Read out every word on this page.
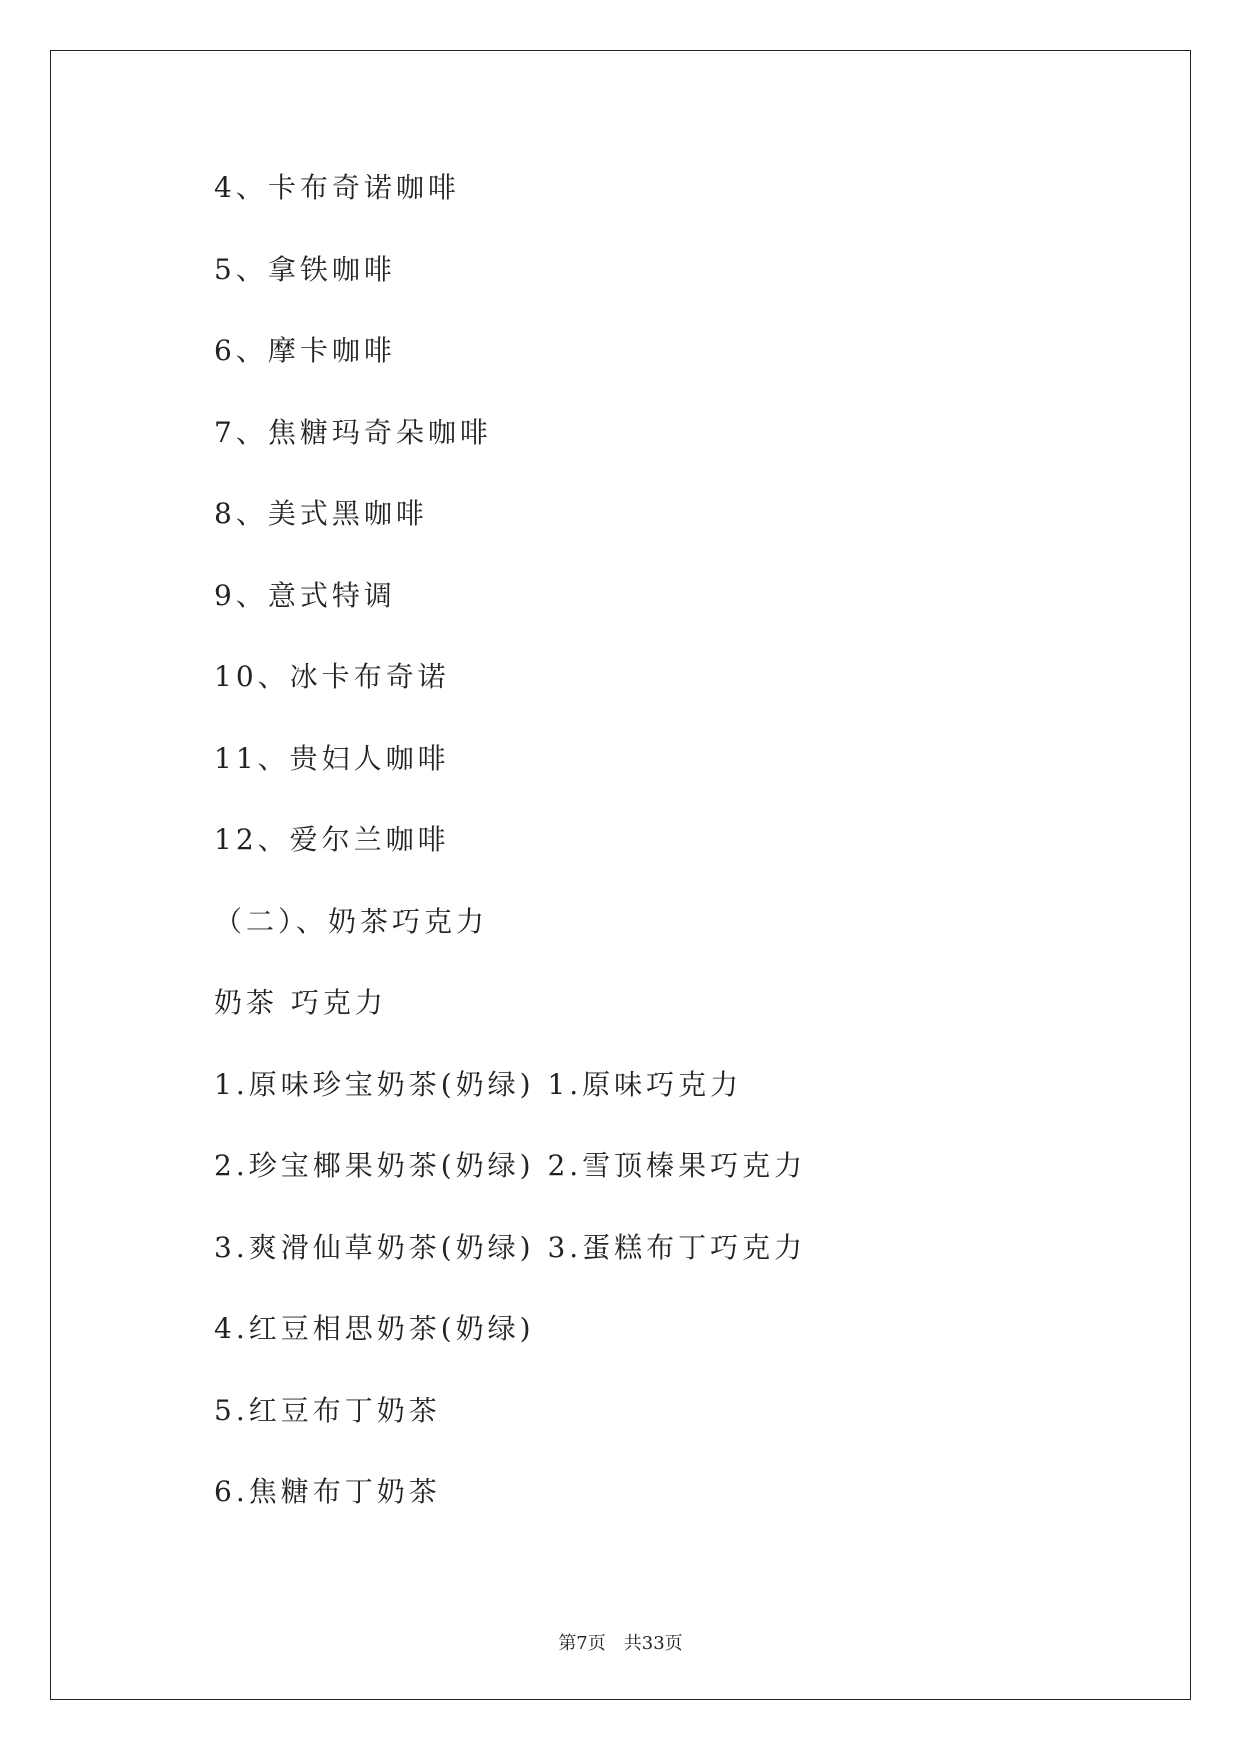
4、卡布奇诺咖啡
5、拿铁咖啡
6、摩卡咖啡
7、焦糖玛奇朵咖啡
8、美式黑咖啡
9、意式特调
10、冰卡布奇诺
11、贵妇人咖啡
12、爱尔兰咖啡
（二）、奶茶巧克力
奶茶 巧克力
1.原味珍宝奶茶(奶绿) 1.原味巧克力
2.珍宝椰果奶茶(奶绿) 2.雪顶榛果巧克力
3.爽滑仙草奶茶(奶绿) 3.蛋糕布丁巧克力
4.红豆相思奶茶(奶绿)
5.红豆布丁奶茶
6.焦糖布丁奶茶
第7页　共33页
